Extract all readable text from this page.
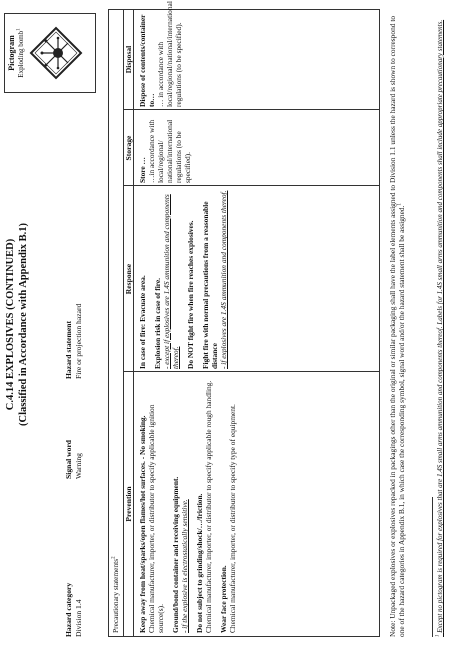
C.4.14 EXPLOSIVES (CONTINUED) (Classified in Accordance with Appendix B.1)
Hazard category Division 1.4
Signal word Warning
Hazard statement Fire or projection hazard
Pictogram Exploding bomb$^1$
Precautionary statements$^2$
Prevention
Response
Storage
Disposal

Keep away from heat/sparks/open flames/hot surfaces. - No smoking.
Chemical manufacturer, importer, or distributor to specify applicable ignition source(s). Ground/bond container and receiving equipment.
- if the explosive is electrostatically sensitive. Do not subject to grinding/shock/…/friction.
Chemical manufacturer, importer, or distributor to specify applicable rough handling. Wear face protection.
Chemical manufacturer, importer, or distributor to specify type of equipment.

In case of fire: Evacuate area. Explosion risk in case of fire.
- except if explosives are 1.4S ammunition and components thereof. Do NOT fight fire when fire reaches explosives. Fight fire with normal precautions from a reasonable distance
- if explosives are 1.4S ammunition and components thereof.

Store …
…in accordance with local/regional/ national/international regulations (to be specified).
Dispose of contents/container to…
… in accordance with local/regional/national/international regulations (to be specified).	Note: Unpackaged explosives or explosives repacked in packagings other than the original or similar packaging shall have the label elements assigned to Division 1.1 unless the hazard is shown to correspond to one of the hazard categories in Appendix B.1, in which case the corresponding symbol, signal word and/or the hazard statement shall be assigned.$^1$
$^1$ Except no pictogram is required for explosives that are 1.4S small arms ammunition and components thereof. Labels for 1.4S small arms ammunition and components shall include appropriate precautionary statements.
